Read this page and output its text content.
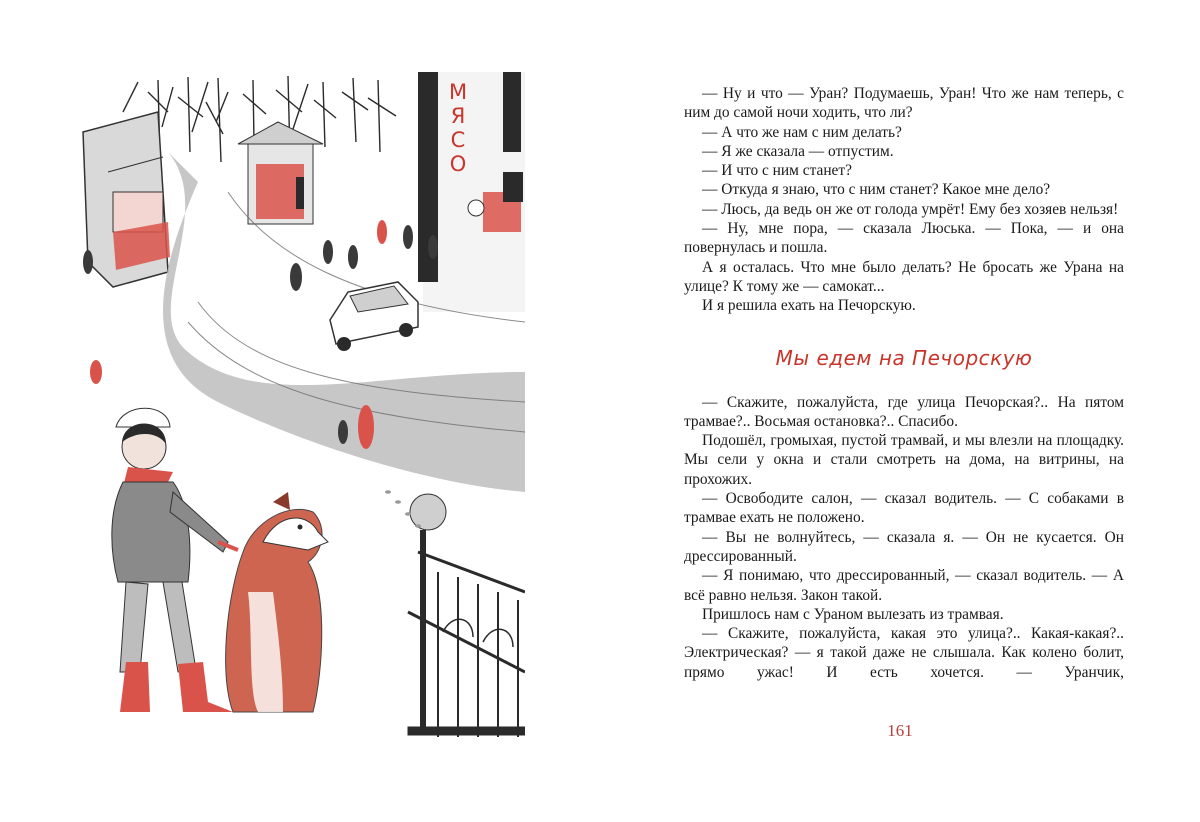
М
Я
С
О

— Ну и что — Уран? Подумаешь, Уран! Что же нам теперь, с ним до самой ночи ходить, что ли?

— А что же нам с ним делать?

— Я же сказала — отпустим.

— И что с ним станет?

— Откуда я знаю, что с ним станет? Какое мне дело?

— Люсь, да ведь он же от голода умрёт! Ему без хозяев нельзя!

— Ну, мне пора, — сказала Люська. — Пока, — и она повернулась и пошла.

А я осталась. Что мне было делать? Не бросать же Урана на улице? К тому же — самокат...

И я решила ехать на Печорскую.

Мы едем на Печорскую

— Скажите, пожалуйста, где улица Печорская?.. На пятом трамвае?.. Восьмая остановка?.. Спасибо.

Подошёл, громыхая, пустой трамвай, и мы влезли на площадку. Мы сели у окна и стали смотреть на дома, на витрины, на прохожих.

— Освободите салон, — сказал водитель. — С собаками в трамвае ехать не положено.

— Вы не волнуйтесь, — сказала я. — Он не кусается. Он дрессированный.

— Я понимаю, что дрессированный, — сказал водитель. — А всё равно нельзя. Закон такой.

Пришлось нам с Ураном вылезать из трамвая.

— Скажите, пожалуйста, какая это улица?.. Какая-какая?.. Электрическая? — я такой даже не слышала. Как колено болит, прямо ужас! И есть хочется. — Уранчик,

161
